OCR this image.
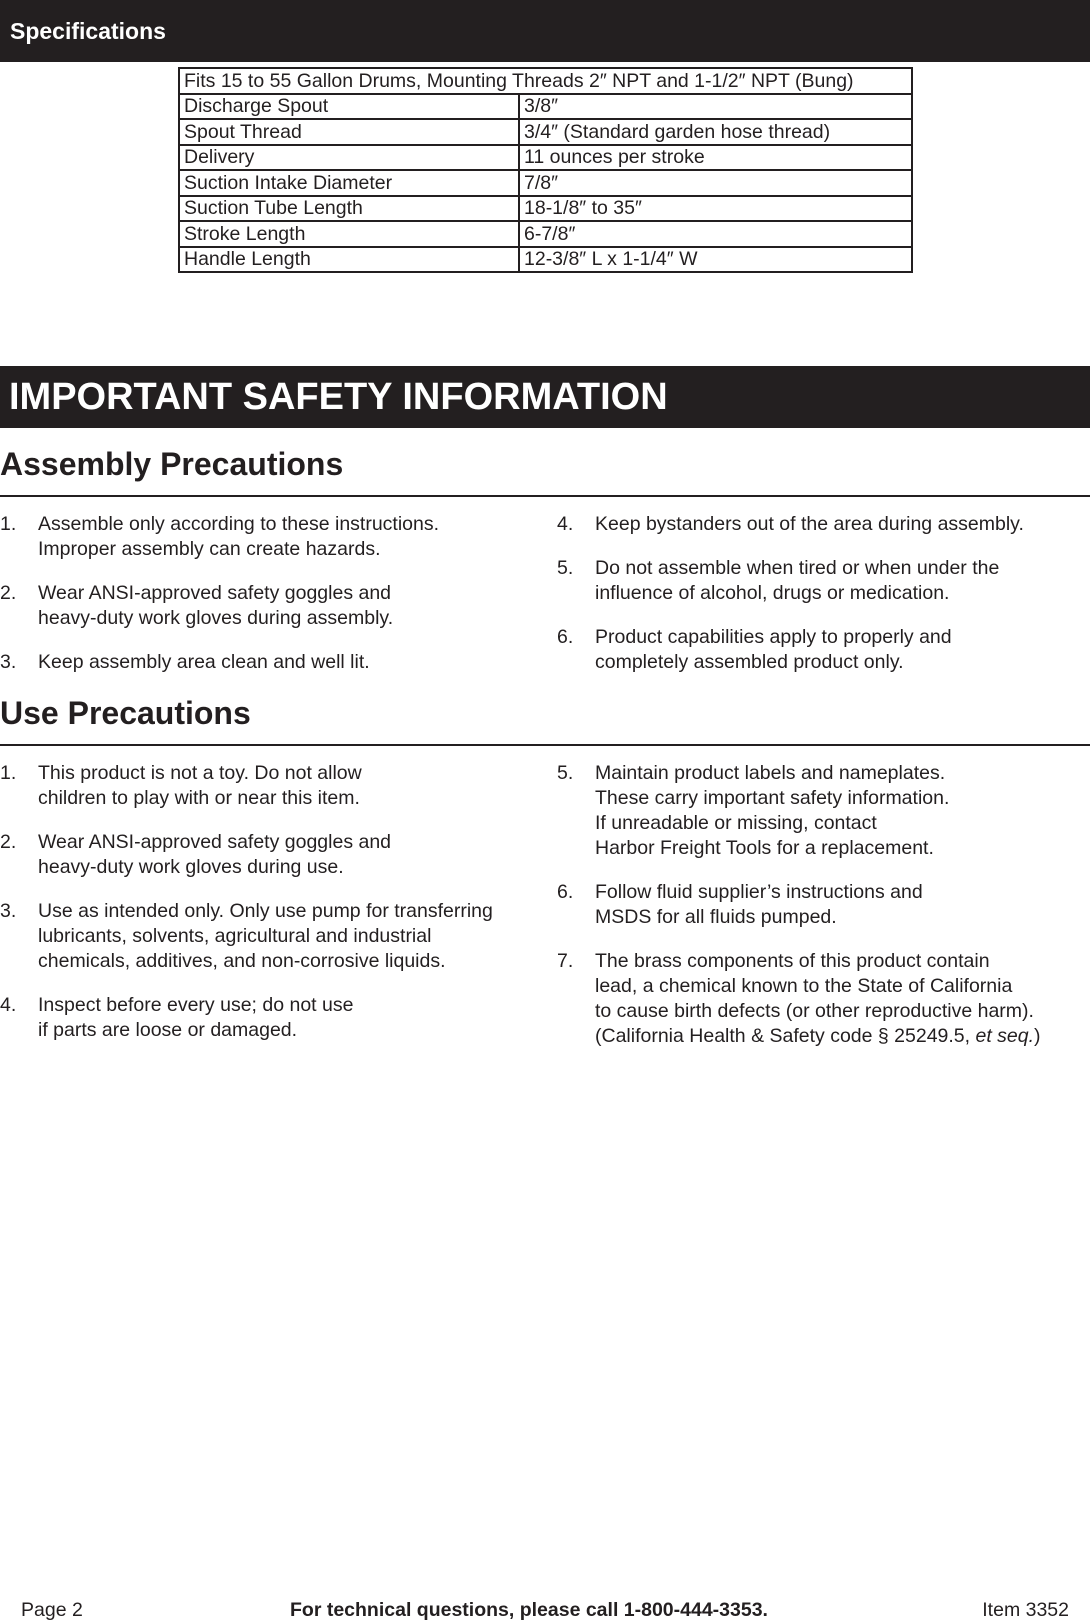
Specifications
Fits 15 to 55 Gallon Drums, Mounting Threads 2″ NPT and 1-1/2″ NPT (Bung)	
Discharge Spout	3/8″
Spout Thread	3/4″ (Standard garden hose thread)
Delivery	11 ounces per stroke
Suction Intake Diameter	7/8″
Suction Tube Length	18-1/8″ to 35″
Stroke Length	6-7/8″
Handle Length	12-3/8″ L x 1-1/4″ W
IMPORTANT SAFETY INFORMATION
Assembly Precautions
1. Assemble only according to these instructions.
Improper assembly can create hazards.
2. Wear ANSI-approved safety goggles and
heavy-duty work gloves during assembly.
3. Keep assembly area clean and well lit.
4. Keep bystanders out of the area during assembly.
5. Do not assemble when tired or when under the
influence of alcohol, drugs or medication.
6. Product capabilities apply to properly and
completely assembled product only.
Use Precautions
1. This product is not a toy. Do not allow
children to play with or near this item.
2. Wear ANSI-approved safety goggles and
heavy-duty work gloves during use.
3. Use as intended only. Only use pump for transferring
lubricants, solvents, agricultural and industrial
chemicals, additives, and non-corrosive liquids.
4. Inspect before every use; do not use
if parts are loose or damaged.
5. Maintain product labels and nameplates.
These carry important safety information.
If unreadable or missing, contact
Harbor Freight Tools for a replacement.
6. Follow fluid supplier’s instructions and
MSDS for all fluids pumped.
7. The brass components of this product contain
lead, a chemical known to the State of California
to cause birth defects (or other reproductive harm).
(California Health & Safety code § 25249.5, et seq.)
Page 2	For technical questions, please call 1-800-444-3353.	Item 3352
